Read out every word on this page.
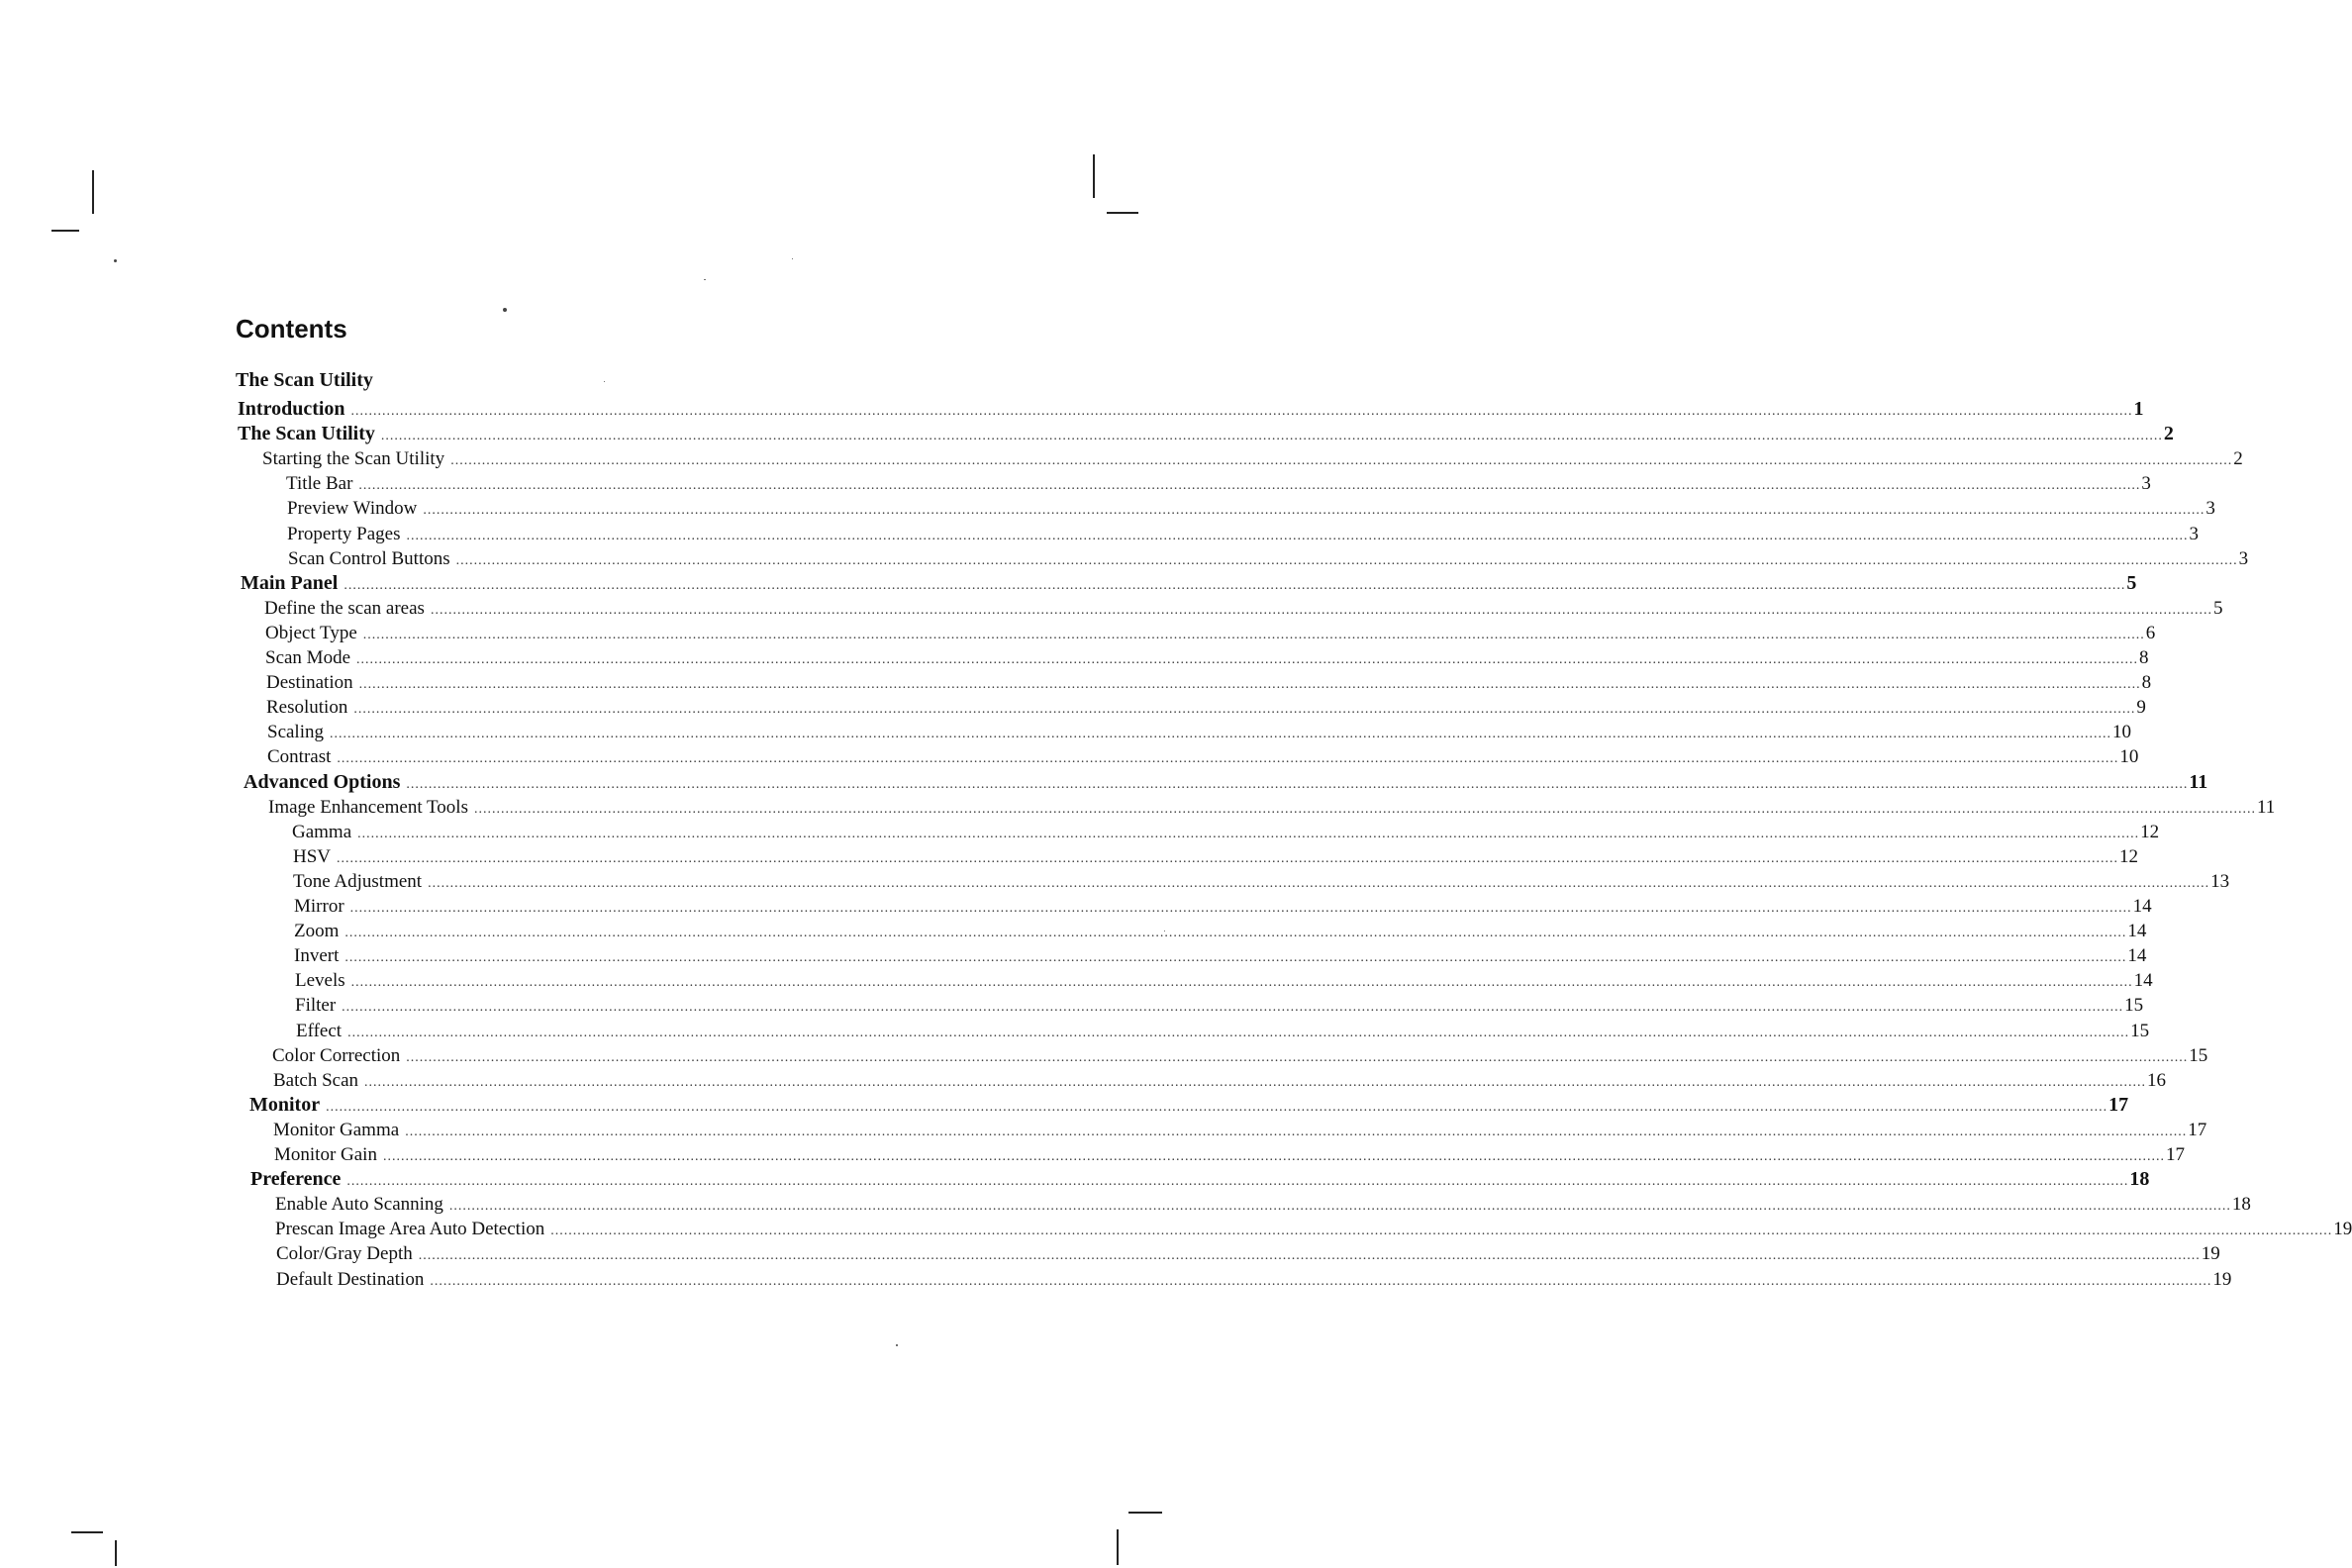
Contents
The Scan Utility
Introduction ................................................................................................................................................................................................................................................................................................................................................................................................................ 1
The Scan Utility ................................................................................................................................................................................................................................................................................................................................................................................................................ 2
Starting the Scan Utility ................................................................................................................................................................................................................................................................................................................................................................................................................ 2
Title Bar ................................................................................................................................................................................................................................................................................................................................................................................................................ 3
Preview Window ................................................................................................................................................................................................................................................................................................................................................................................................................ 3
Property Pages ................................................................................................................................................................................................................................................................................................................................................................................................................ 3
Scan Control Buttons ................................................................................................................................................................................................................................................................................................................................................................................................................ 3
Main Panel ................................................................................................................................................................................................................................................................................................................................................................................................................ 5
Define the scan areas ................................................................................................................................................................................................................................................................................................................................................................................................................ 5
Object Type ................................................................................................................................................................................................................................................................................................................................................................................................................ 6
Scan Mode ................................................................................................................................................................................................................................................................................................................................................................................................................ 8
Destination ................................................................................................................................................................................................................................................................................................................................................................................................................ 8
Resolution ................................................................................................................................................................................................................................................................................................................................................................................................................ 9
Scaling ................................................................................................................................................................................................................................................................................................................................................................................................................ 10
Contrast ................................................................................................................................................................................................................................................................................................................................................................................................................ 10
Advanced Options ................................................................................................................................................................................................................................................................................................................................................................................................................ 11
Image Enhancement Tools ................................................................................................................................................................................................................................................................................................................................................................................................................ 11
Gamma ................................................................................................................................................................................................................................................................................................................................................................................................................ 12
HSV ................................................................................................................................................................................................................................................................................................................................................................................................................ 12
Tone Adjustment ................................................................................................................................................................................................................................................................................................................................................................................................................ 13
Mirror ................................................................................................................................................................................................................................................................................................................................................................................................................ 14
Zoom ................................................................................................................................................................................................................................................................................................................................................................................................................ 14
Invert ................................................................................................................................................................................................................................................................................................................................................................................................................ 14
Levels ................................................................................................................................................................................................................................................................................................................................................................................................................ 14
Filter ................................................................................................................................................................................................................................................................................................................................................................................................................ 15
Effect ................................................................................................................................................................................................................................................................................................................................................................................................................ 15
Color Correction ................................................................................................................................................................................................................................................................................................................................................................................................................ 15
Batch Scan ................................................................................................................................................................................................................................................................................................................................................................................................................ 16
Monitor ................................................................................................................................................................................................................................................................................................................................................................................................................ 17
Monitor Gamma ................................................................................................................................................................................................................................................................................................................................................................................................................ 17
Monitor Gain ................................................................................................................................................................................................................................................................................................................................................................................................................ 17
Preference ................................................................................................................................................................................................................................................................................................................................................................................................................ 18
Enable Auto Scanning ................................................................................................................................................................................................................................................................................................................................................................................................................ 18
Prescan Image Area Auto Detection ................................................................................................................................................................................................................................................................................................................................................................................................................ 19
Color/Gray Depth ................................................................................................................................................................................................................................................................................................................................................................................................................ 19
Default Destination ................................................................................................................................................................................................................................................................................................................................................................................................................ 19
